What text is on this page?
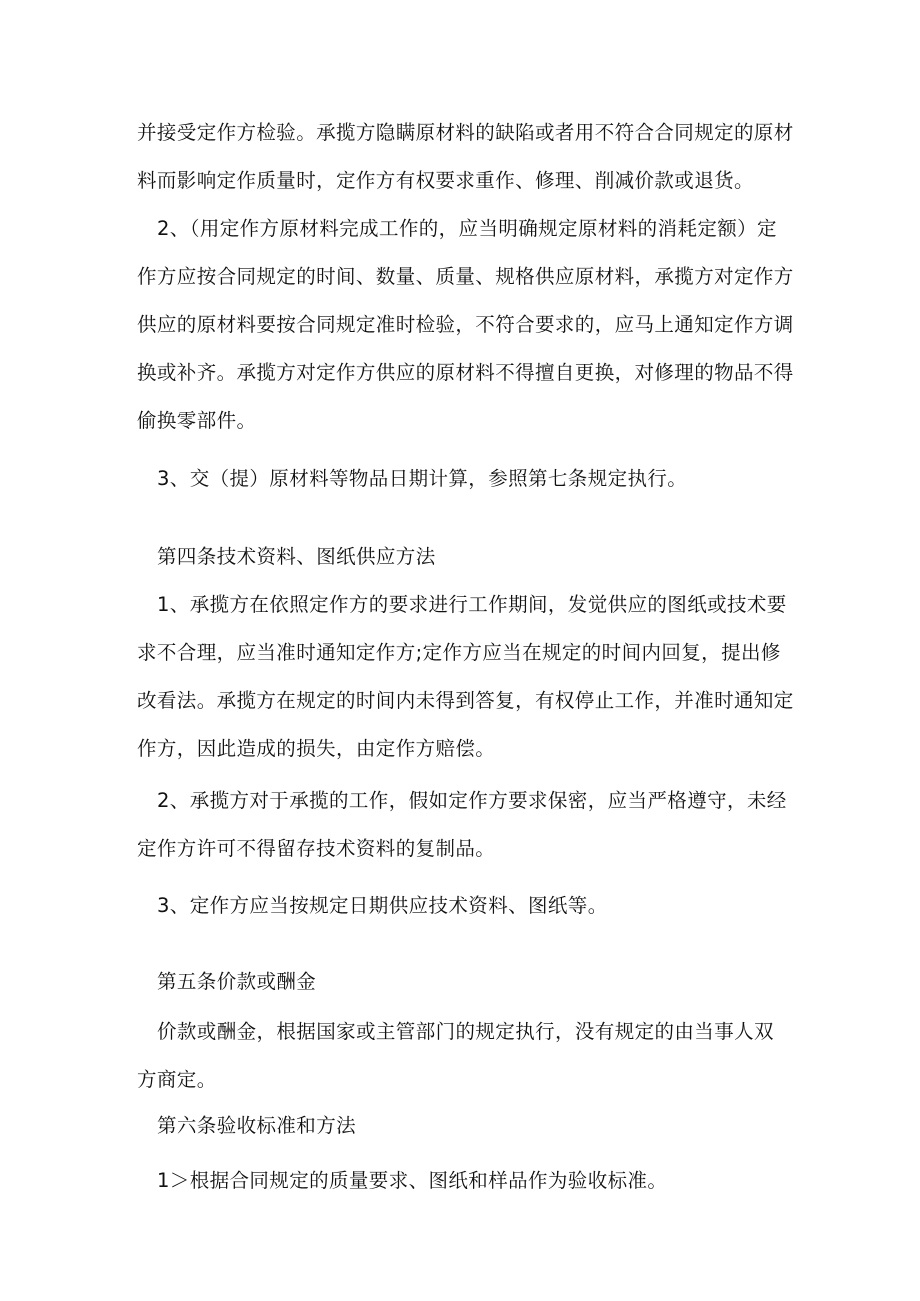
并接受定作方检验。承揽方隐瞒原材料的缺陷或者用不符合合同规定的原材
料而影响定作质量时，定作方有权要求重作、修理、削减价款或退货。
2、（用定作方原材料完成工作的，应当明确规定原材料的消耗定额）定
作方应按合同规定的时间、数量、质量、规格供应原材料，承揽方对定作方
供应的原材料要按合同规定准时检验，不符合要求的，应马上通知定作方调
换或补齐。承揽方对定作方供应的原材料不得擅自更换，对修理的物品不得
偷换零部件。
3、交（提）原材料等物品日期计算，参照第七条规定执行。
第四条技术资料、图纸供应方法
1、承揽方在依照定作方的要求进行工作期间，发觉供应的图纸或技术要
求不合理，应当准时通知定作方;定作方应当在规定的时间内回复，提出修
改看法。承揽方在规定的时间内未得到答复，有权停止工作，并准时通知定
作方，因此造成的损失，由定作方赔偿。
2、承揽方对于承揽的工作，假如定作方要求保密，应当严格遵守，未经
定作方许可不得留存技术资料的复制品。
3、定作方应当按规定日期供应技术资料、图纸等。
第五条价款或酬金
价款或酬金，根据国家或主管部门的规定执行，没有规定的由当事人双
方商定。
第六条验收标准和方法
1＞根据合同规定的质量要求、图纸和样品作为验收标准。
